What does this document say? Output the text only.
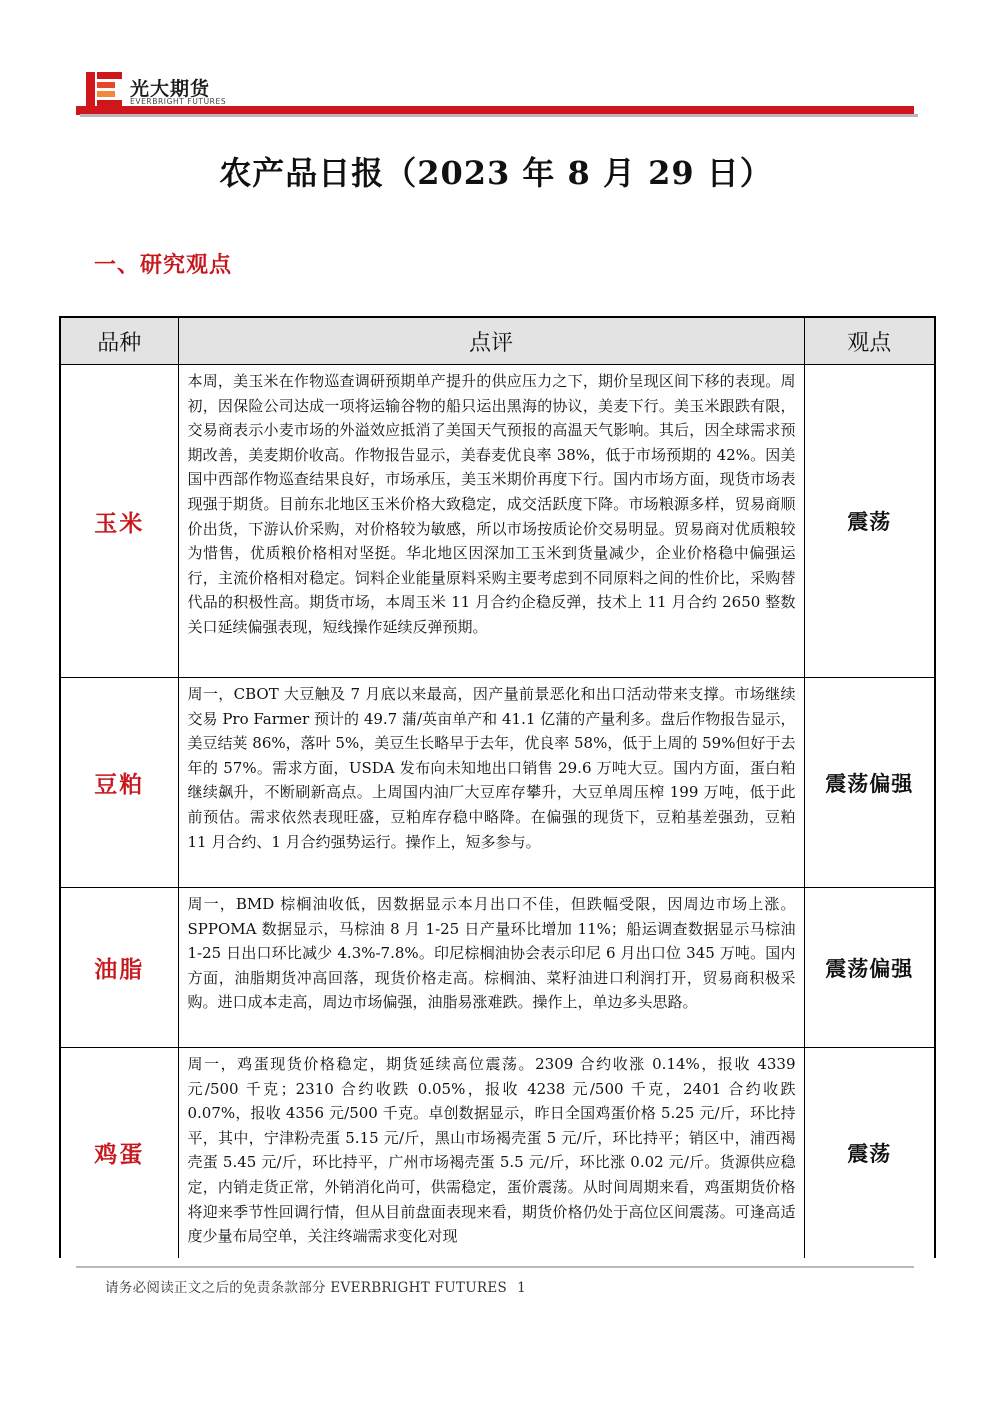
光大期货
EVERBRIGHT FUTURES
农产品日报（2023 年 8 月 29 日）
一、研究观点
品种	点评	观点
玉米	本周，美玉米在作物巡查调研预期单产提升的供应压力之下，期价呈现区间下移的表现。周初，因保险公司达成一项将运输谷物的船只运出黑海的协议，美麦下行。美玉米跟跌有限，交易商表示小麦市场的外溢效应抵消了美国天气预报的高温天气影响。其后，因全球需求预期改善，美麦期价收高。作物报告显示，美春麦优良率 38%，低于市场预期的 42%。因美国中西部作物巡查结果良好，市场承压，美玉米期价再度下行。国内市场方面，现货市场表现强于期货。目前东北地区玉米价格大致稳定，成交活跃度下降。市场粮源多样，贸易商顺价出货，下游认价采购，对价格较为敏感，所以市场按质论价交易明显。贸易商对优质粮较为惜售，优质粮价格相对坚挺。华北地区因深加工玉米到货量减少，企业价格稳中偏强运行，主流价格相对稳定。饲料企业能量原料采购主要考虑到不同原料之间的性价比，采购替代品的积极性高。期货市场，本周玉米 11 月合约企稳反弹，技术上 11 月合约 2650 整数关口延续偏强表现，短线操作延续反弹预期。	震荡
豆粕	周一，CBOT 大豆触及 7 月底以来最高，因产量前景恶化和出口活动带来支撑。市场继续交易 Pro Farmer 预计的 49.7 蒲/英亩单产和 41.1 亿蒲的产量利多。盘后作物报告显示，美豆结荚 86%，落叶 5%，美豆生长略早于去年，优良率 58%，低于上周的 59%但好于去年的 57%。需求方面，USDA 发布向未知地出口销售 29.6 万吨大豆。国内方面，蛋白粕继续飙升，不断刷新高点。上周国内油厂大豆库存攀升，大豆单周压榨 199 万吨，低于此前预估。需求依然表现旺盛，豆粕库存稳中略降。在偏强的现货下，豆粕基差强劲，豆粕 11 月合约、1 月合约强势运行。操作上，短多参与。	震荡偏强
油脂	周一，BMD 棕榈油收低，因数据显示本月出口不佳，但跌幅受限，因周边市场上涨。SPPOMA 数据显示，马棕油 8 月 1-25 日产量环比增加 11%；船运调查数据显示马棕油 1-25 日出口环比减少 4.3%-7.8%。印尼棕榈油协会表示印尼 6 月出口位 345 万吨。国内方面，油脂期货冲高回落，现货价格走高。棕榈油、菜籽油进口利润打开，贸易商积极采购。进口成本走高，周边市场偏强，油脂易涨难跌。操作上，单边多头思路。	震荡偏强
鸡蛋	周一，鸡蛋现货价格稳定，期货延续高位震荡。2309 合约收涨 0.14%，报收 4339 元/500 千克；2310 合约收跌 0.05%，报收 4238 元/500 千克，2401 合约收跌 0.07%，报收 4356 元/500 千克。卓创数据显示，昨日全国鸡蛋价格 5.25 元/斤，环比持平，其中，宁津粉壳蛋 5.15 元/斤，黑山市场褐壳蛋 5 元/斤，环比持平；销区中，浦西褐壳蛋 5.45 元/斤，环比持平，广州市场褐壳蛋 5.5 元/斤，环比涨 0.02 元/斤。货源供应稳定，内销走货正常，外销消化尚可，供需稳定，蛋价震荡。从时间周期来看，鸡蛋期货价格将迎来季节性回调行情，但从目前盘面表现来看，期货价格仍处于高位区间震荡。可逢高适度少量布局空单，关注终端需求变化对现	震荡
请务必阅读正文之后的免责条款部分 EVERBRIGHT FUTURES 1
